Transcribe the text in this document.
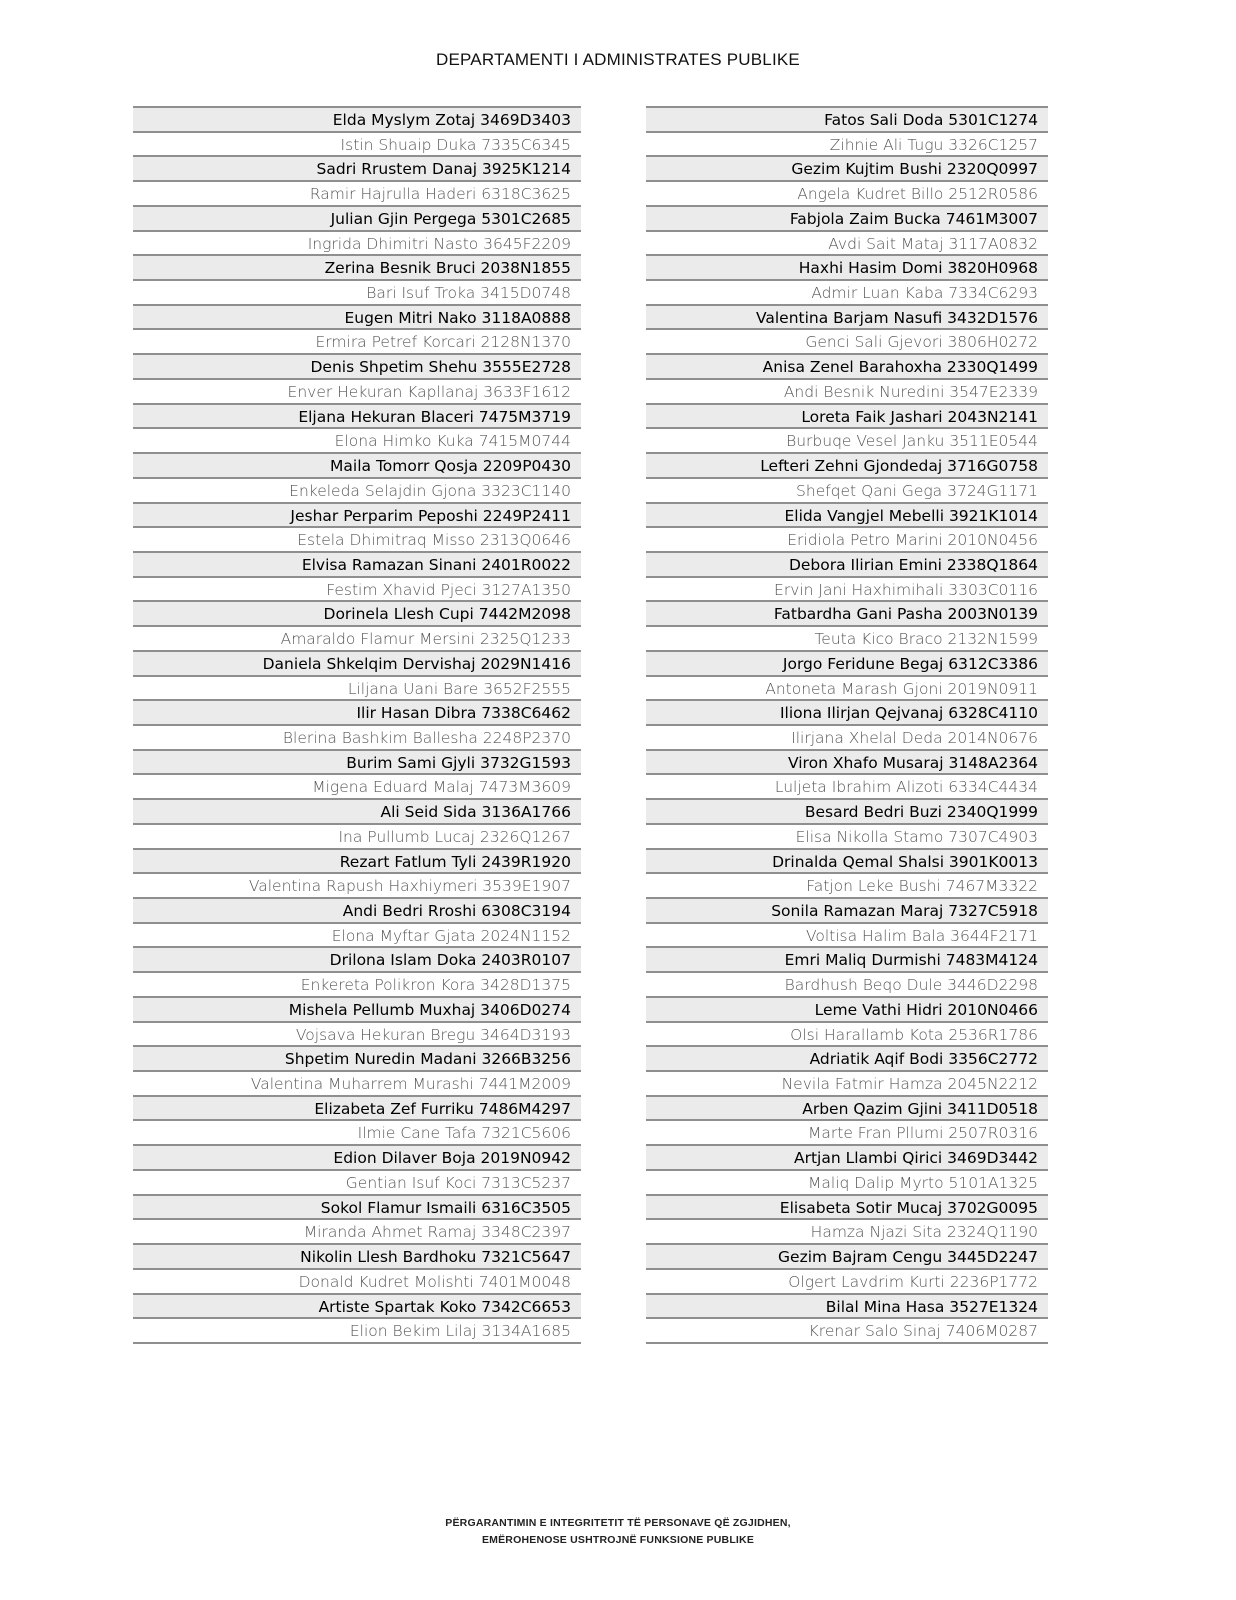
DEPARTAMENTI I ADMINISTRATES PUBLIKE
Elda Myslym Zotaj 3469D3403
Istin Shuaip Duka 7335C6345
Sadri Rrustem Danaj 3925K1214
Ramir Hajrulla Haderi 6318C3625
Julian Gjin Pergega 5301C2685
Ingrida Dhimitri Nasto 3645F2209
Zerina Besnik Bruci 2038N1855
Bari Isuf Troka 3415D0748
Eugen Mitri Nako 3118A0888
Ermira Petref Korcari 2128N1370
Denis Shpetim Shehu 3555E2728
Enver Hekuran Kapllanaj 3633F1612
Eljana Hekuran Blaceri 7475M3719
Elona Himko Kuka 7415M0744
Maila Tomorr Qosja 2209P0430
Enkeleda Selajdin Gjona 3323C1140
Jeshar Perparim Peposhi 2249P2411
Estela Dhimitraq Misso 2313Q0646
Elvisa Ramazan Sinani 2401R0022
Festim Xhavid Pjeci 3127A1350
Dorinela Llesh Cupi 7442M2098
Amaraldo Flamur Mersini 2325Q1233
Daniela Shkelqim Dervishaj 2029N1416
Liljana Uani Bare 3652F2555
Ilir Hasan Dibra 7338C6462
Blerina Bashkim Ballesha 2248P2370
Burim Sami Gjyli 3732G1593
Migena Eduard Malaj 7473M3609
Ali Seid Sida 3136A1766
Ina Pullumb Lucaj 2326Q1267
Rezart Fatlum Tyli 2439R1920
Valentina Rapush Haxhiymeri 3539E1907
Andi Bedri Rroshi 6308C3194
Elona Myftar Gjata 2024N1152
Drilona Islam Doka 2403R0107
Enkereta Polikron Kora 3428D1375
Mishela Pellumb Muxhaj 3406D0274
Vojsava Hekuran Bregu 3464D3193
Shpetim Nuredin Madani 3266B3256
Valentina Muharrem Murashi 7441M2009
Elizabeta Zef Furriku 7486M4297
Ilmie Cane Tafa 7321C5606
Edion Dilaver Boja 2019N0942
Gentian Isuf Koci 7313C5237
Sokol Flamur Ismaili 6316C3505
Miranda Ahmet Ramaj 3348C2397
Nikolin Llesh Bardhoku 7321C5647
Donald Kudret Molishti 7401M0048
Artiste Spartak Koko 7342C6653
Elion Bekim Lilaj 3134A1685
Fatos Sali Doda 5301C1274
Zihnie Ali Tugu 3326C1257
Gezim Kujtim Bushi 2320Q0997
Angela Kudret Billo 2512R0586
Fabjola Zaim Bucka 7461M3007
Avdi Sait Mataj 3117A0832
Haxhi Hasim Domi 3820H0968
Admir Luan Kaba 7334C6293
Valentina Barjam Nasufi 3432D1576
Genci Sali Gjevori 3806H0272
Anisa Zenel Barahoxha 2330Q1499
Andi Besnik Nuredini 3547E2339
Loreta Faik Jashari 2043N2141
Burbuqe Vesel Janku 3511E0544
Lefteri Zehni Gjondedaj 3716G0758
Shefqet Qani Gega 3724G1171
Elida Vangjel Mebelli 3921K1014
Eridiola Petro Marini 2010N0456
Debora Ilirian Emini 2338Q1864
Ervin Jani Haxhimihali 3303C0116
Fatbardha Gani Pasha 2003N0139
Teuta Kico Braco 2132N1599
Jorgo Feridune Begaj 6312C3386
Antoneta Marash Gjoni 2019N0911
Iliona Ilirjan Qejvanaj 6328C4110
Ilirjana Xhelal Deda 2014N0676
Viron Xhafo Musaraj 3148A2364
Luljeta Ibrahim Alizoti 6334C4434
Besard Bedri Buzi 2340Q1999
Elisa Nikolla Stamo 7307C4903
Drinalda Qemal Shalsi 3901K0013
Fatjon Leke Bushi 7467M3322
Sonila Ramazan Maraj 7327C5918
Voltisa Halim Bala 3644F2171
Emri Maliq Durmishi 7483M4124
Bardhush Beqo Dule 3446D2298
Leme Vathi Hidri 2010N0466
Olsi Harallamb Kota 2536R1786
Adriatik Aqif Bodi 3356C2772
Nevila Fatmir Hamza 2045N2212
Arben Qazim Gjini 3411D0518
Marte Fran Pllumi 2507R0316
Artjan Llambi Qirici 3469D3442
Maliq Dalip Myrto 5101A1325
Elisabeta Sotir Mucaj 3702G0095
Hamza Njazi Sita 2324Q1190
Gezim Bajram Cengu 3445D2247
Olgert Lavdrim Kurti 2236P1772
Bilal Mina Hasa 3527E1324
Krenar Salo Sinaj 7406M0287
PËRGARANTIMIN E INTEGRITETIT TË PERSONAVE QË ZGJIDHEN,
EMËROHENOSE USHTROJNË FUNKSIONE PUBLIKE
